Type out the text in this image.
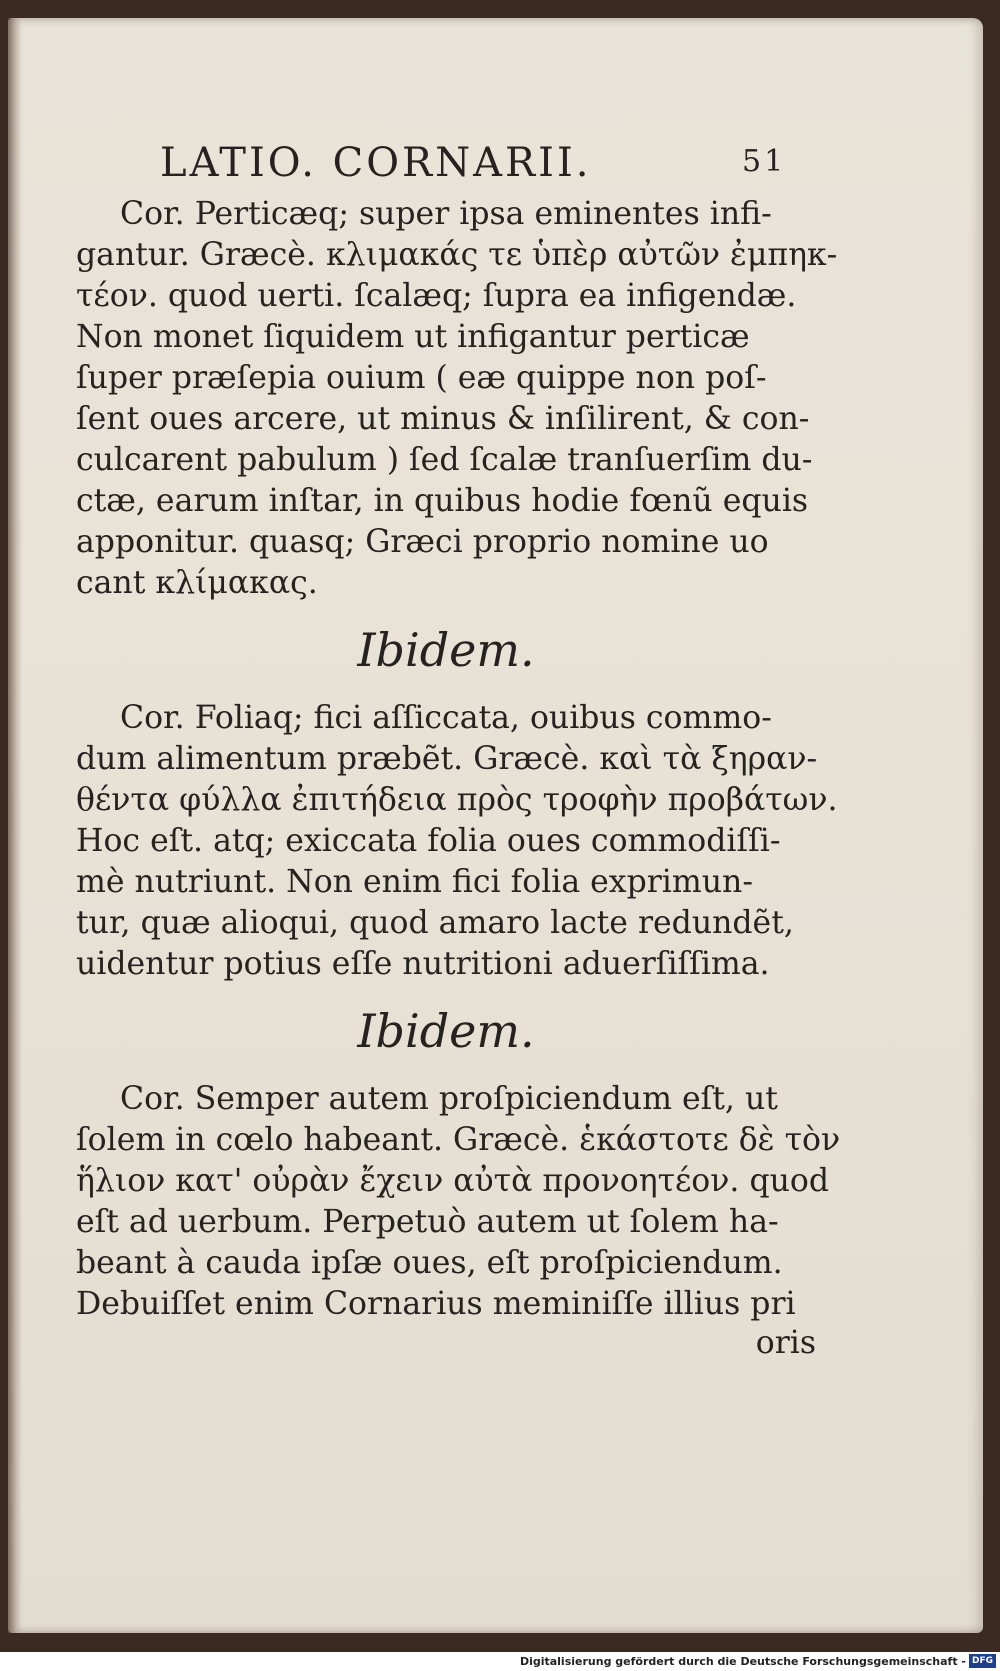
LATIO. CORNARII.	51
Cor. Perticæq; super ipsa eminentes infi-
gantur. Græcè. κλιμακάς τε ὑπὲρ αὐτῶν ἐμπηκ-
τέον. quod uerti. ſcalæq; ſupra ea infigendæ.
Non monet ſiquidem ut infigantur perticæ
ſuper præſepia ouium ( eæ quippe non poſ-
ſent oues arcere, ut minus & inſilirent, & con-
culcarent pabulum ) ſed ſcalæ tranſuerſim du-
ctæ, earum inſtar, in quibus hodie fœnũ equis
apponitur. quasq; Græci proprio nomine uo
cant κλίμακας.
Ibidem.
Cor. Foliaq; fici aſſiccata, ouibus commo-
dum alimentum præbẽt. Græcè. καὶ τὰ ξηραν-
θέντα φύλλα ἐπιτήδεια πρὸς τροφὴν προβάτων.
Hoc eſt. atq; exiccata folia oues commodiſſi-
mè nutriunt. Non enim fici folia exprimun-
tur, quæ alioqui, quod amaro lacte redundẽt,
uidentur potius eſſe nutritioni aduerſiſſima.
Ibidem.
Cor. Semper autem proſpiciendum eſt, ut
ſolem in cœlo habeant. Græcè. ἑκάστοτε δὲ τὸν
ἥλιον κατ' οὐρὰν ἔχειν αὐτὰ προνοητέον. quod
eſt ad uerbum. Perpetuò autem ut ſolem ha-
beant à cauda ipſæ oues, eſt proſpiciendum.
Debuiſſet enim Cornarius meminiſſe illius pri
oris
Digitalisierung gefördert durch die Deutsche Forschungsgemeinschaft - DFG
